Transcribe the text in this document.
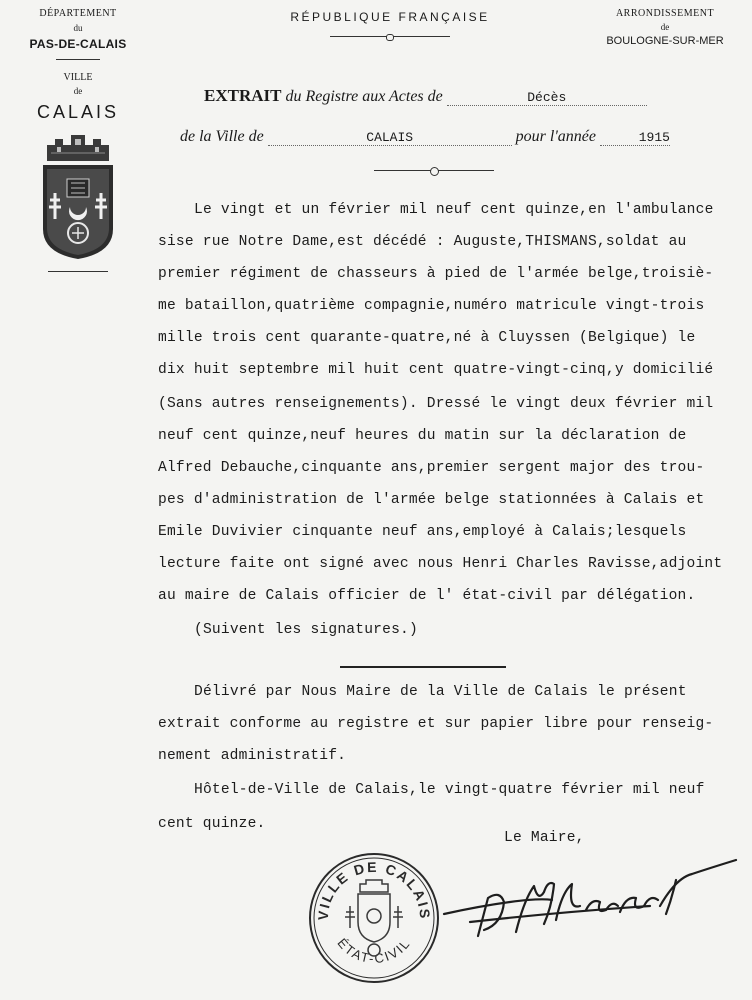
DÉPARTEMENT
du
PAS-DE-CALAIS
VILLE
de
CALAIS
RÉPUBLIQUE FRANÇAISE	ARRONDISSEMENT
de
BOULOGNE-SUR-MER
EXTRAIT du Registre aux Actes de	Décès
de la Ville de	CALAIS	pour l'année	1915
Le vingt et un février mil neuf cent quinze,en l'ambulance
sise rue Notre Dame,est décédé : Auguste,THISMANS,soldat au
premier régiment de chasseurs à pied de l'armée belge,troisiè-
me bataillon,quatrième compagnie,numéro matricule vingt-trois
mille trois cent quarante-quatre,né à Cluyssen (Belgique) le
dix huit septembre mil huit cent quatre-vingt-cinq,y domicilié
(Sans autres renseignements). Dressé le vingt deux février mil
neuf cent quinze,neuf heures du matin sur la déclaration de
Alfred Debauche,cinquante ans,premier sergent major des trou-
pes d'administration de l'armée belge stationnées à Calais et
Emile Duvivier cinquante neuf ans,employé à Calais;lesquels
lecture faite ont signé avec nous Henri Charles Ravisse,adjoint
au maire de Calais officier de l' état-civil par délégation.
(Suivent les signatures.)
Délivré par Nous Maire de la Ville de Calais le présent
extrait conforme au registre et sur papier libre pour renseig-
nement administratif.
Hôtel-de-Ville de Calais,le vingt-quatre février mil neuf
cent quinze.
Le Maire,
VILLE DE CALAIS
ÉTAT-CIVIL
